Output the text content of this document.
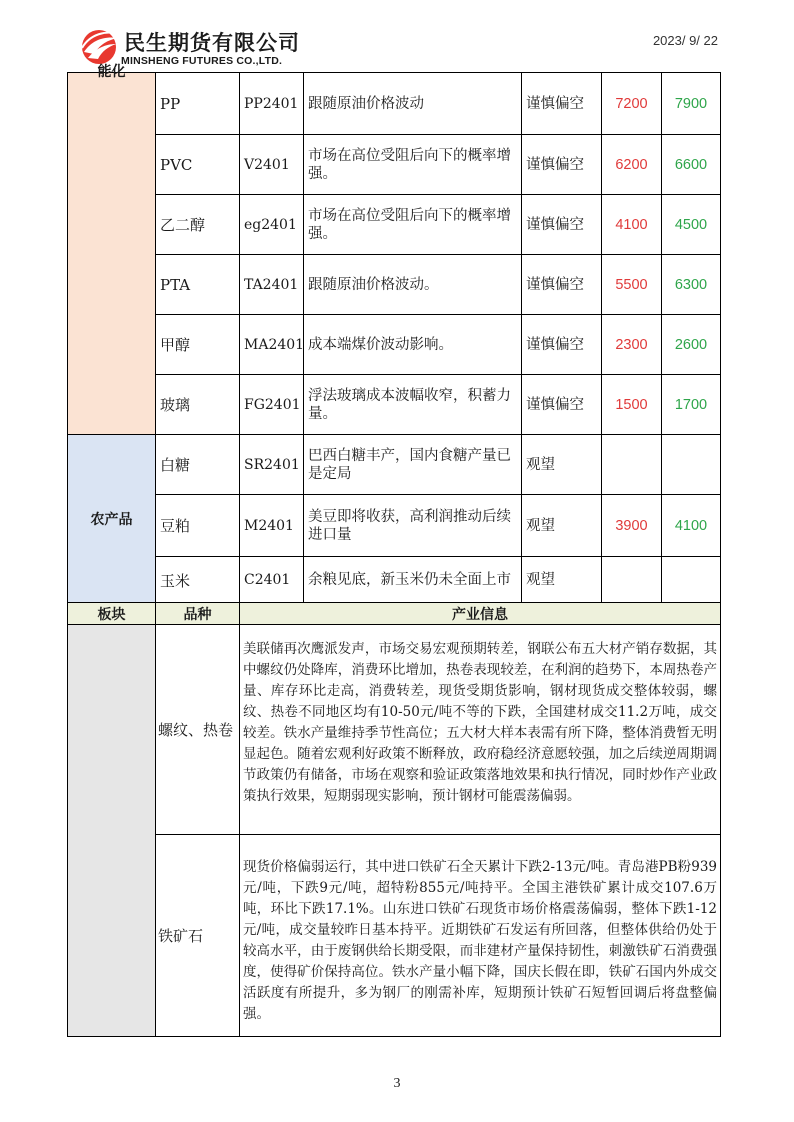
民生期货有限公司
MINSHENG FUTURES CO.,LTD.
2023/ 9/ 22
能化	PP	PP2401	跟随原油价格波动	谨慎偏空	7200	7900
	PVC	V2401	市场在高位受阻后向下的概率增强。	谨慎偏空	6200	6600
	乙二醇	eg2401	市场在高位受阻后向下的概率增强。	谨慎偏空	4100	4500
	PTA	TA2401	跟随原油价格波动。	谨慎偏空	5500	6300
	甲醇	MA2401	成本端煤价波动影响。	谨慎偏空	2300	2600
	玻璃	FG2401	浮法玻璃成本波幅收窄，积蓄力量。	谨慎偏空	1500	1700
农产品	白糖	SR2401	巴西白糖丰产，国内食糖产量已是定局	观望		
	豆粕	M2401	美豆即将收获，高利润推动后续进口量	观望	3900	4100
	玉米	C2401	余粮见底，新玉米仍未全面上市	观望		
板块	品种	产业信息
	螺纹、热卷	美联储再次鹰派发声，市场交易宏观预期转差，钢联公布五大材产销存数据，其中螺纹仍处降库，消费环比增加，热卷表现较差，在利润的趋势下，本周热卷产量、库存环比走高，消费转差，现货受期货影响，钢材现货成交整体较弱，螺纹、热卷不同地区均有10-50元/吨不等的下跌，全国建材成交11.2万吨，成交较差。铁水产量维持季节性高位；五大材大样本表需有所下降，整体消费暂无明显起色。随着宏观利好政策不断释放，政府稳经济意愿较强，加之后续逆周期调节政策仍有储备，市场在观察和验证政策落地效果和执行情况，同时炒作产业政策执行效果，短期弱现实影响，预计钢材可能震荡偏弱。
	铁矿石	现货价格偏弱运行，其中进口铁矿石全天累计下跌2-13元/吨。青岛港PB粉939元/吨，下跌9元/吨，超特粉855元/吨持平。全国主港铁矿累计成交107.6万吨，环比下跌17.1%。山东进口铁矿石现货市场价格震荡偏弱，整体下跌1-12元/吨，成交量较昨日基本持平。近期铁矿石发运有所回落，但整体供给仍处于较高水平，由于废钢供给长期受限，而非建材产量保持韧性，刺激铁矿石消费强度，使得矿价保持高位。铁水产量小幅下降，国庆长假在即，铁矿石国内外成交活跃度有所提升，多为钢厂的刚需补库，短期预计铁矿石短暂回调后将盘整偏强。
3
